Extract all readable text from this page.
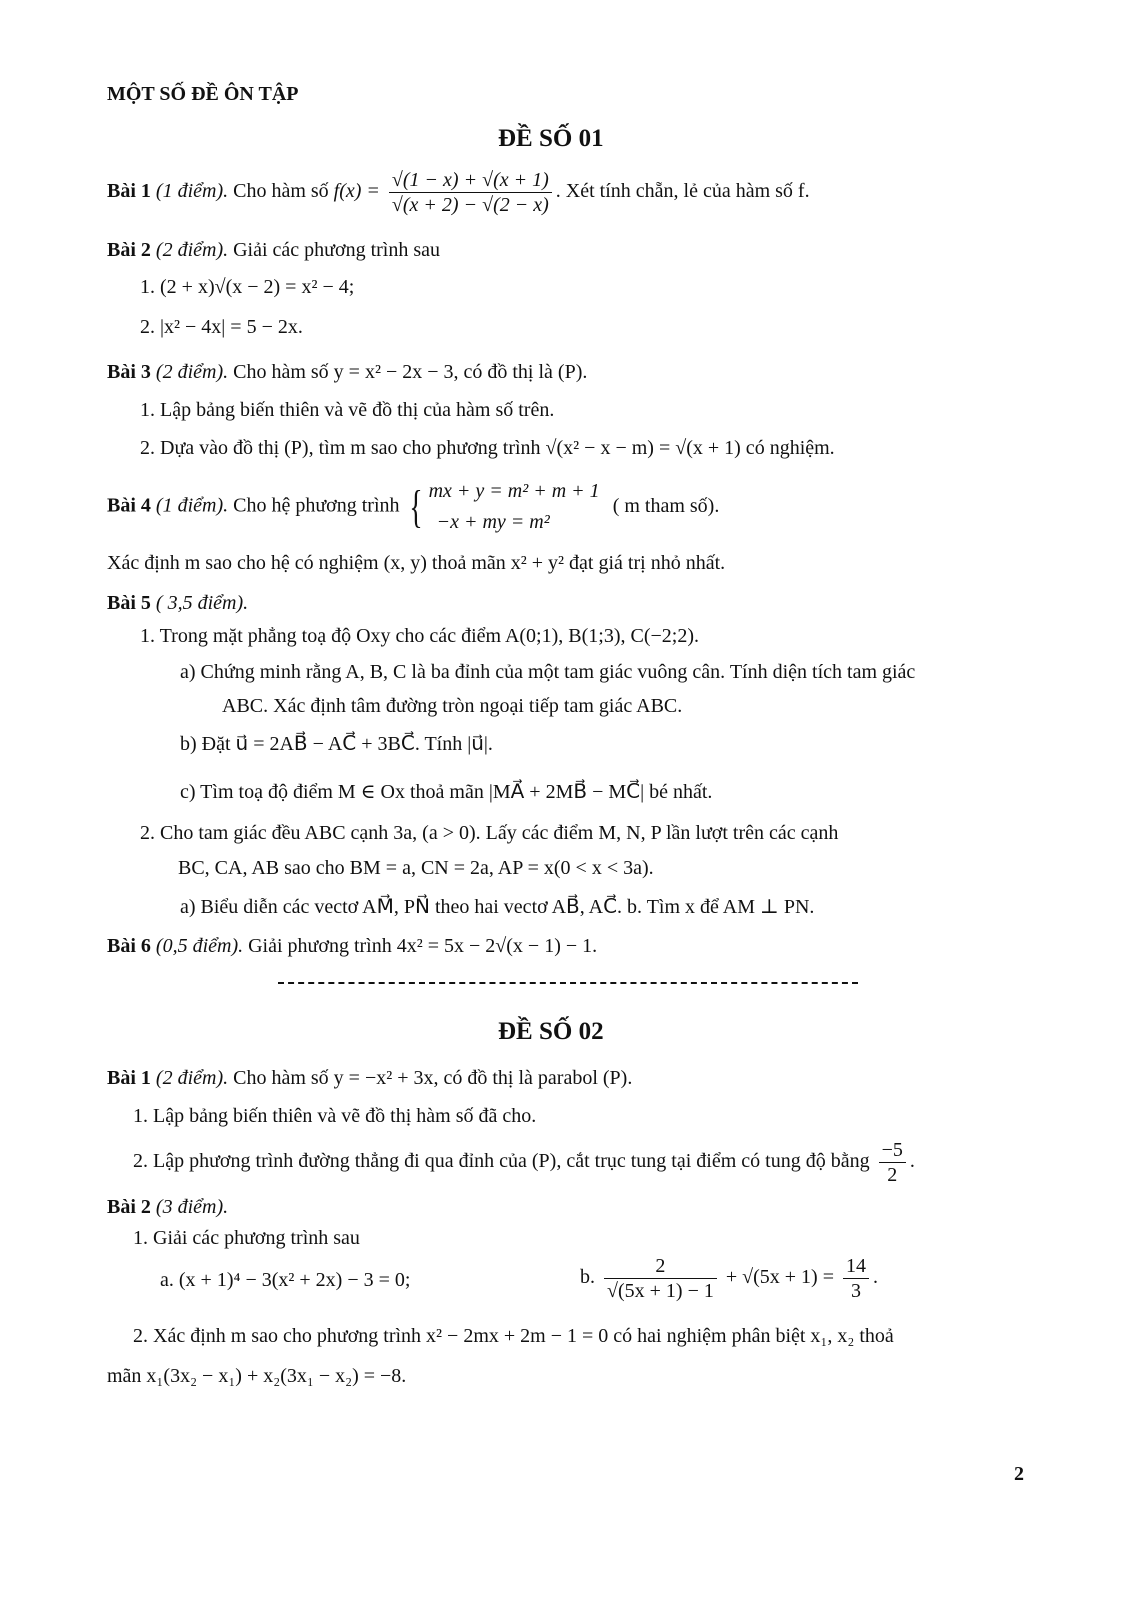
MỘT SỐ ĐỀ ÔN TẬP
ĐỀ SỐ 01
Bài 1 (1 điểm). Cho hàm số $f(x) = \frac{√(1 - x) + √(x + 1)}{√(x + 2) - √(2 - x)}$ . Xét tính chẵn, lẻ của hàm số f.
Bài 2 (2 điểm). Giải các phương trình sau
1. (2 + x)√(x − 2) = x² − 4;
2. |x² − 4x| = 5 − 2x.
Bài 3 (2 điểm). Cho hàm số y = x² − 2x − 3, có đồ thị là (P).
1. Lập bảng biến thiên và vẽ đồ thị của hàm số trên.
2. Dựa vào đồ thị (P), tìm m sao cho phương trình √(x² − x − m) = √(x + 1) có nghiệm.
Bài 4 (1 điểm). Cho hệ phương trình { mx + y = m² + m + 1
−x + my = m²
( m tham số).
Xác định m sao cho hệ có nghiệm (x, y) thoả mãn x² + y² đạt giá trị nhỏ nhất.
Bài 5 ( 3,5 điểm).
1. Trong mặt phẳng toạ độ Oxy cho các điểm A(0;1), B(1;3), C(−2;2).
a) Chứng minh rằng A, B, C là ba đỉnh của một tam giác vuông cân. Tính diện tích tam giác
ABC. Xác định tâm đường tròn ngoại tiếp tam giác ABC.
b) Đặt u⃗ = 2AB⃗ − AC⃗ + 3BC⃗. Tính |u⃗|.
c) Tìm toạ độ điểm M ∈ Ox thoả mãn |MA⃗ + 2MB⃗ − MC⃗| bé nhất.
2. Cho tam giác đều ABC cạnh 3a, (a > 0). Lấy các điểm M, N, P lần lượt trên các cạnh
BC, CA, AB sao cho BM = a, CN = 2a, AP = x(0 < x < 3a).
a) Biểu diễn các vectơ AM⃗, PN⃗ theo hai vectơ AB⃗, AC⃗. b. Tìm x để AM ⊥ PN.
Bài 6 (0,5 điểm). Giải phương trình 4x² = 5x − 2√(x − 1) − 1.
ĐỀ SỐ 02
Bài 1 (2 điểm). Cho hàm số y = −x² + 3x, có đồ thị là parabol (P).
1. Lập bảng biến thiên và vẽ đồ thị hàm số đã cho.
2. Lập phương trình đường thẳng đi qua đỉnh của (P), cắt trục tung tại điểm có tung độ bằng $\frac{-5}{2}$ .
Bài 2 (3 điểm).
1. Giải các phương trình sau
a. (x + 1)⁴ − 3(x² + 2x) − 3 = 0;	b. $\frac{2}{√(5x + 1) - 1} + √(5x + 1) = \frac{14}{3}$ .
2. Xác định m sao cho phương trình x² − 2mx + 2m − 1 = 0 có hai nghiệm phân biệt x₁, x₂ thoả
mãn x₁(3x₂ − x₁) + x₂(3x₁ − x₂) = −8.
2
